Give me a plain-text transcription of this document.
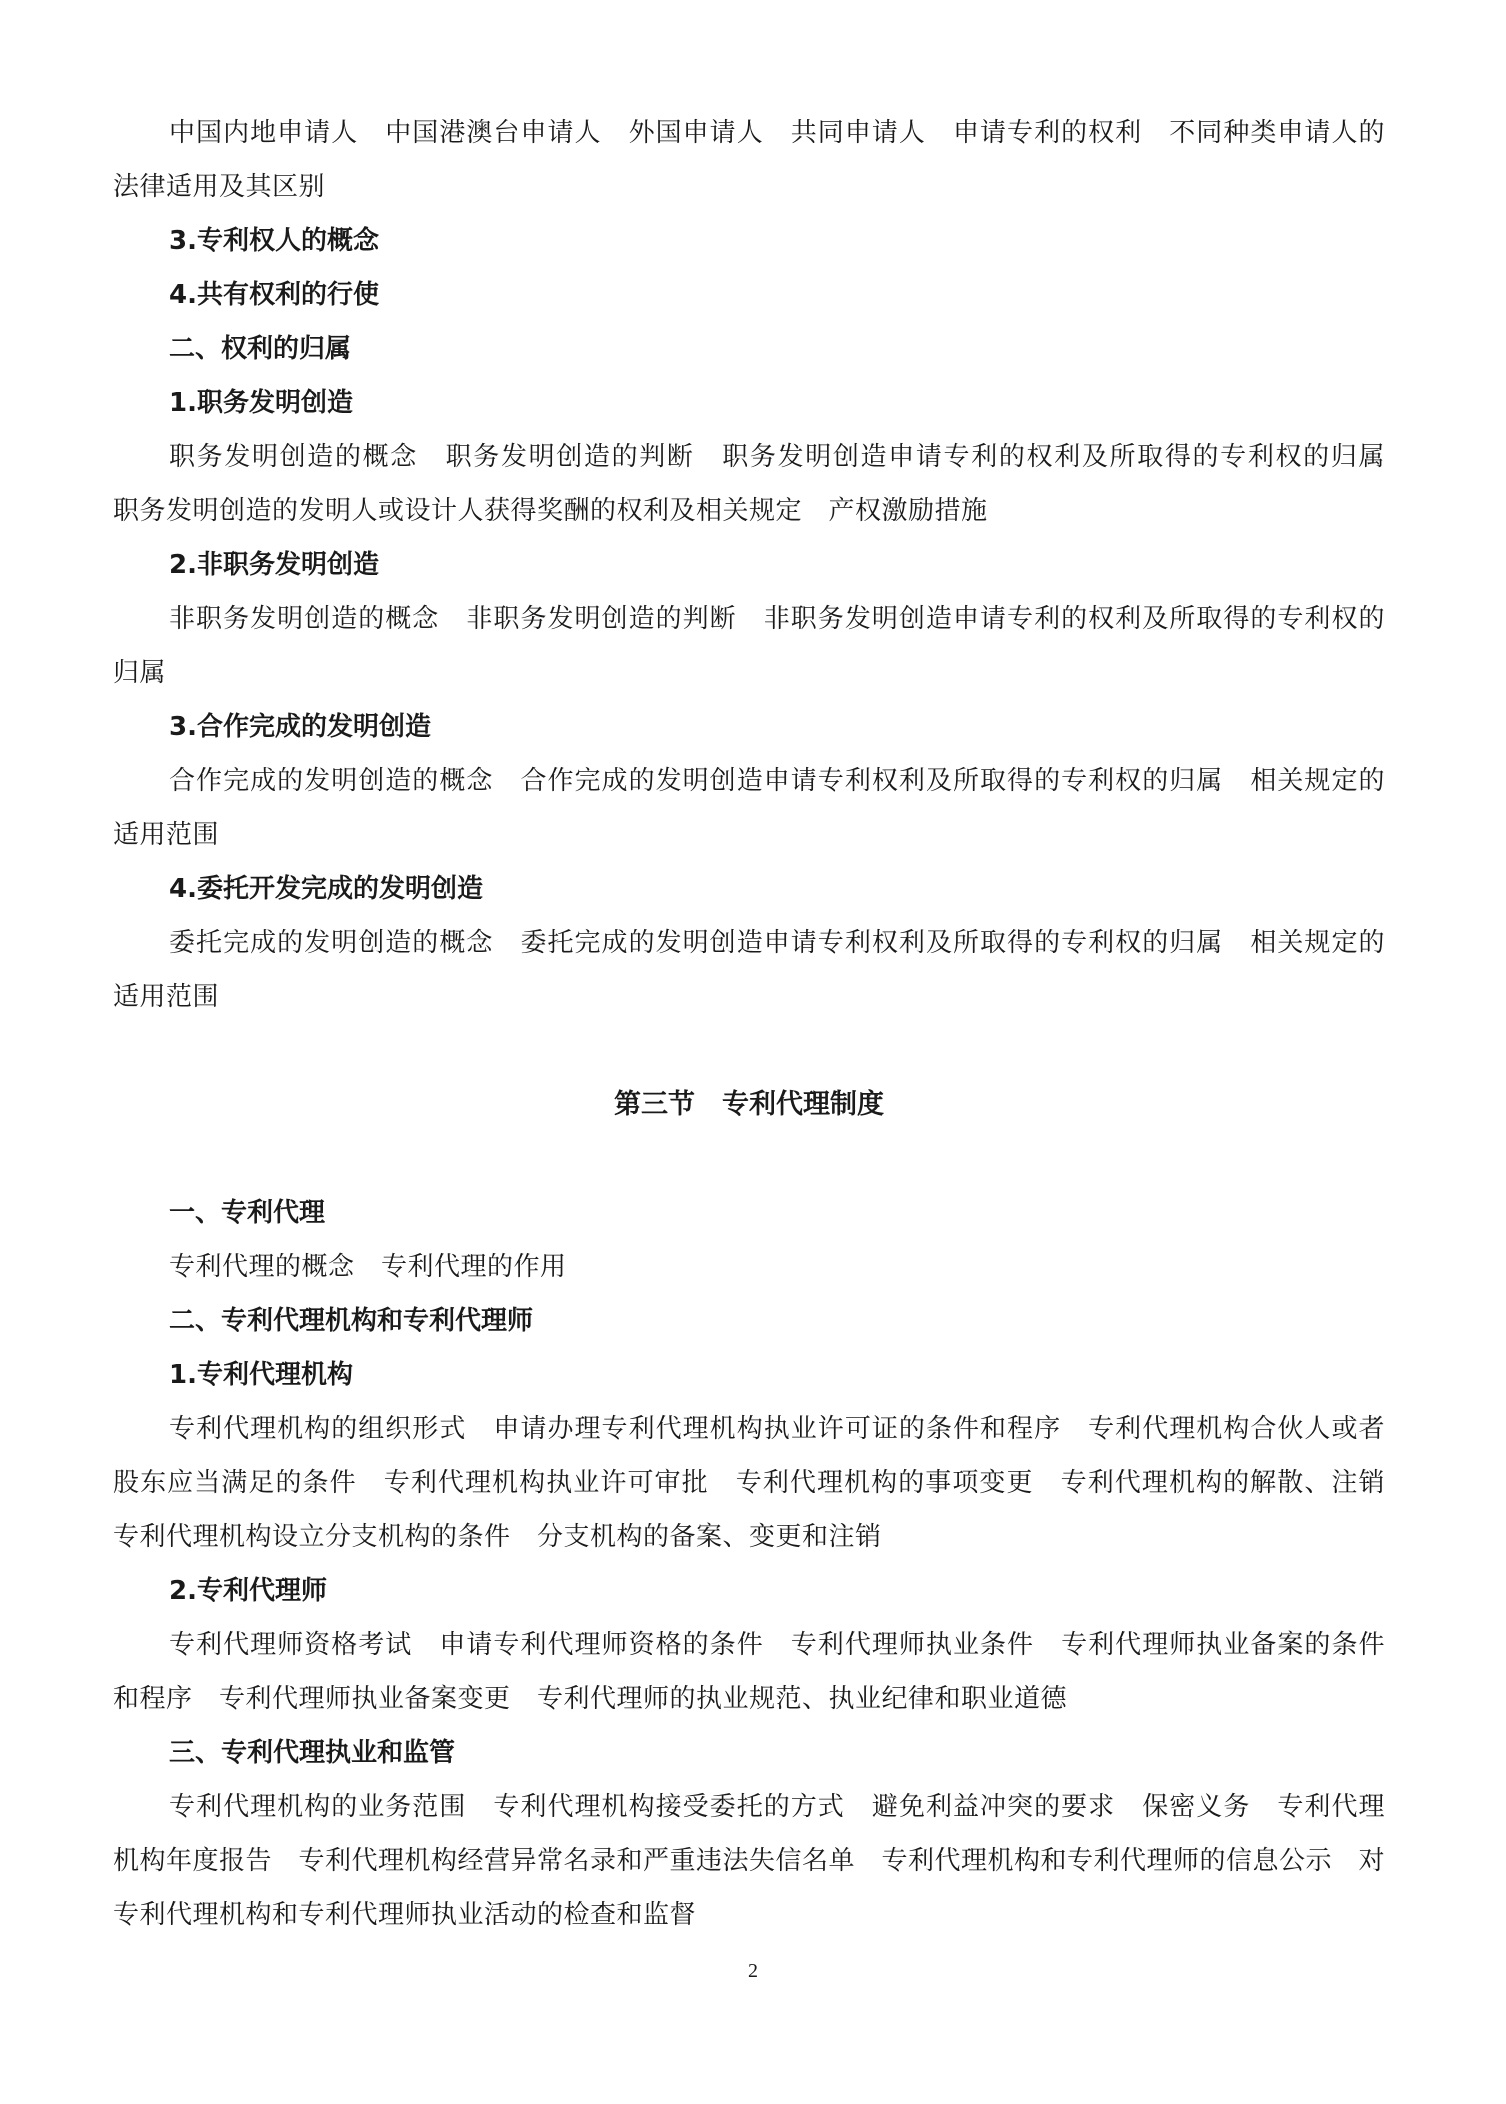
中国内地申请人　中国港澳台申请人　外国申请人　共同申请人　申请专利的权利　不同种类申请人的法律适用及其区别
3.专利权人的概念
4.共有权利的行使
二、权利的归属
1.职务发明创造
职务发明创造的概念　职务发明创造的判断　职务发明创造申请专利的权利及所取得的专利权的归属　职务发明创造的发明人或设计人获得奖酬的权利及相关规定　产权激励措施
2.非职务发明创造
非职务发明创造的概念　非职务发明创造的判断　非职务发明创造申请专利的权利及所取得的专利权的归属
3.合作完成的发明创造
合作完成的发明创造的概念　合作完成的发明创造申请专利权利及所取得的专利权的归属　相关规定的适用范围
4.委托开发完成的发明创造
委托完成的发明创造的概念　委托完成的发明创造申请专利权利及所取得的专利权的归属　相关规定的适用范围
第三节　专利代理制度
一、专利代理
专利代理的概念　专利代理的作用
二、专利代理机构和专利代理师
1.专利代理机构
专利代理机构的组织形式　申请办理专利代理机构执业许可证的条件和程序　专利代理机构合伙人或者股东应当满足的条件　专利代理机构执业许可审批　专利代理机构的事项变更　专利代理机构的解散、注销　专利代理机构设立分支机构的条件　分支机构的备案、变更和注销
2.专利代理师
专利代理师资格考试　申请专利代理师资格的条件　专利代理师执业条件　专利代理师执业备案的条件和程序　专利代理师执业备案变更　专利代理师的执业规范、执业纪律和职业道德
三、专利代理执业和监管
专利代理机构的业务范围　专利代理机构接受委托的方式　避免利益冲突的要求　保密义务　专利代理机构年度报告　专利代理机构经营异常名录和严重违法失信名单　专利代理机构和专利代理师的信息公示　对专利代理机构和专利代理师执业活动的检查和监督
2
